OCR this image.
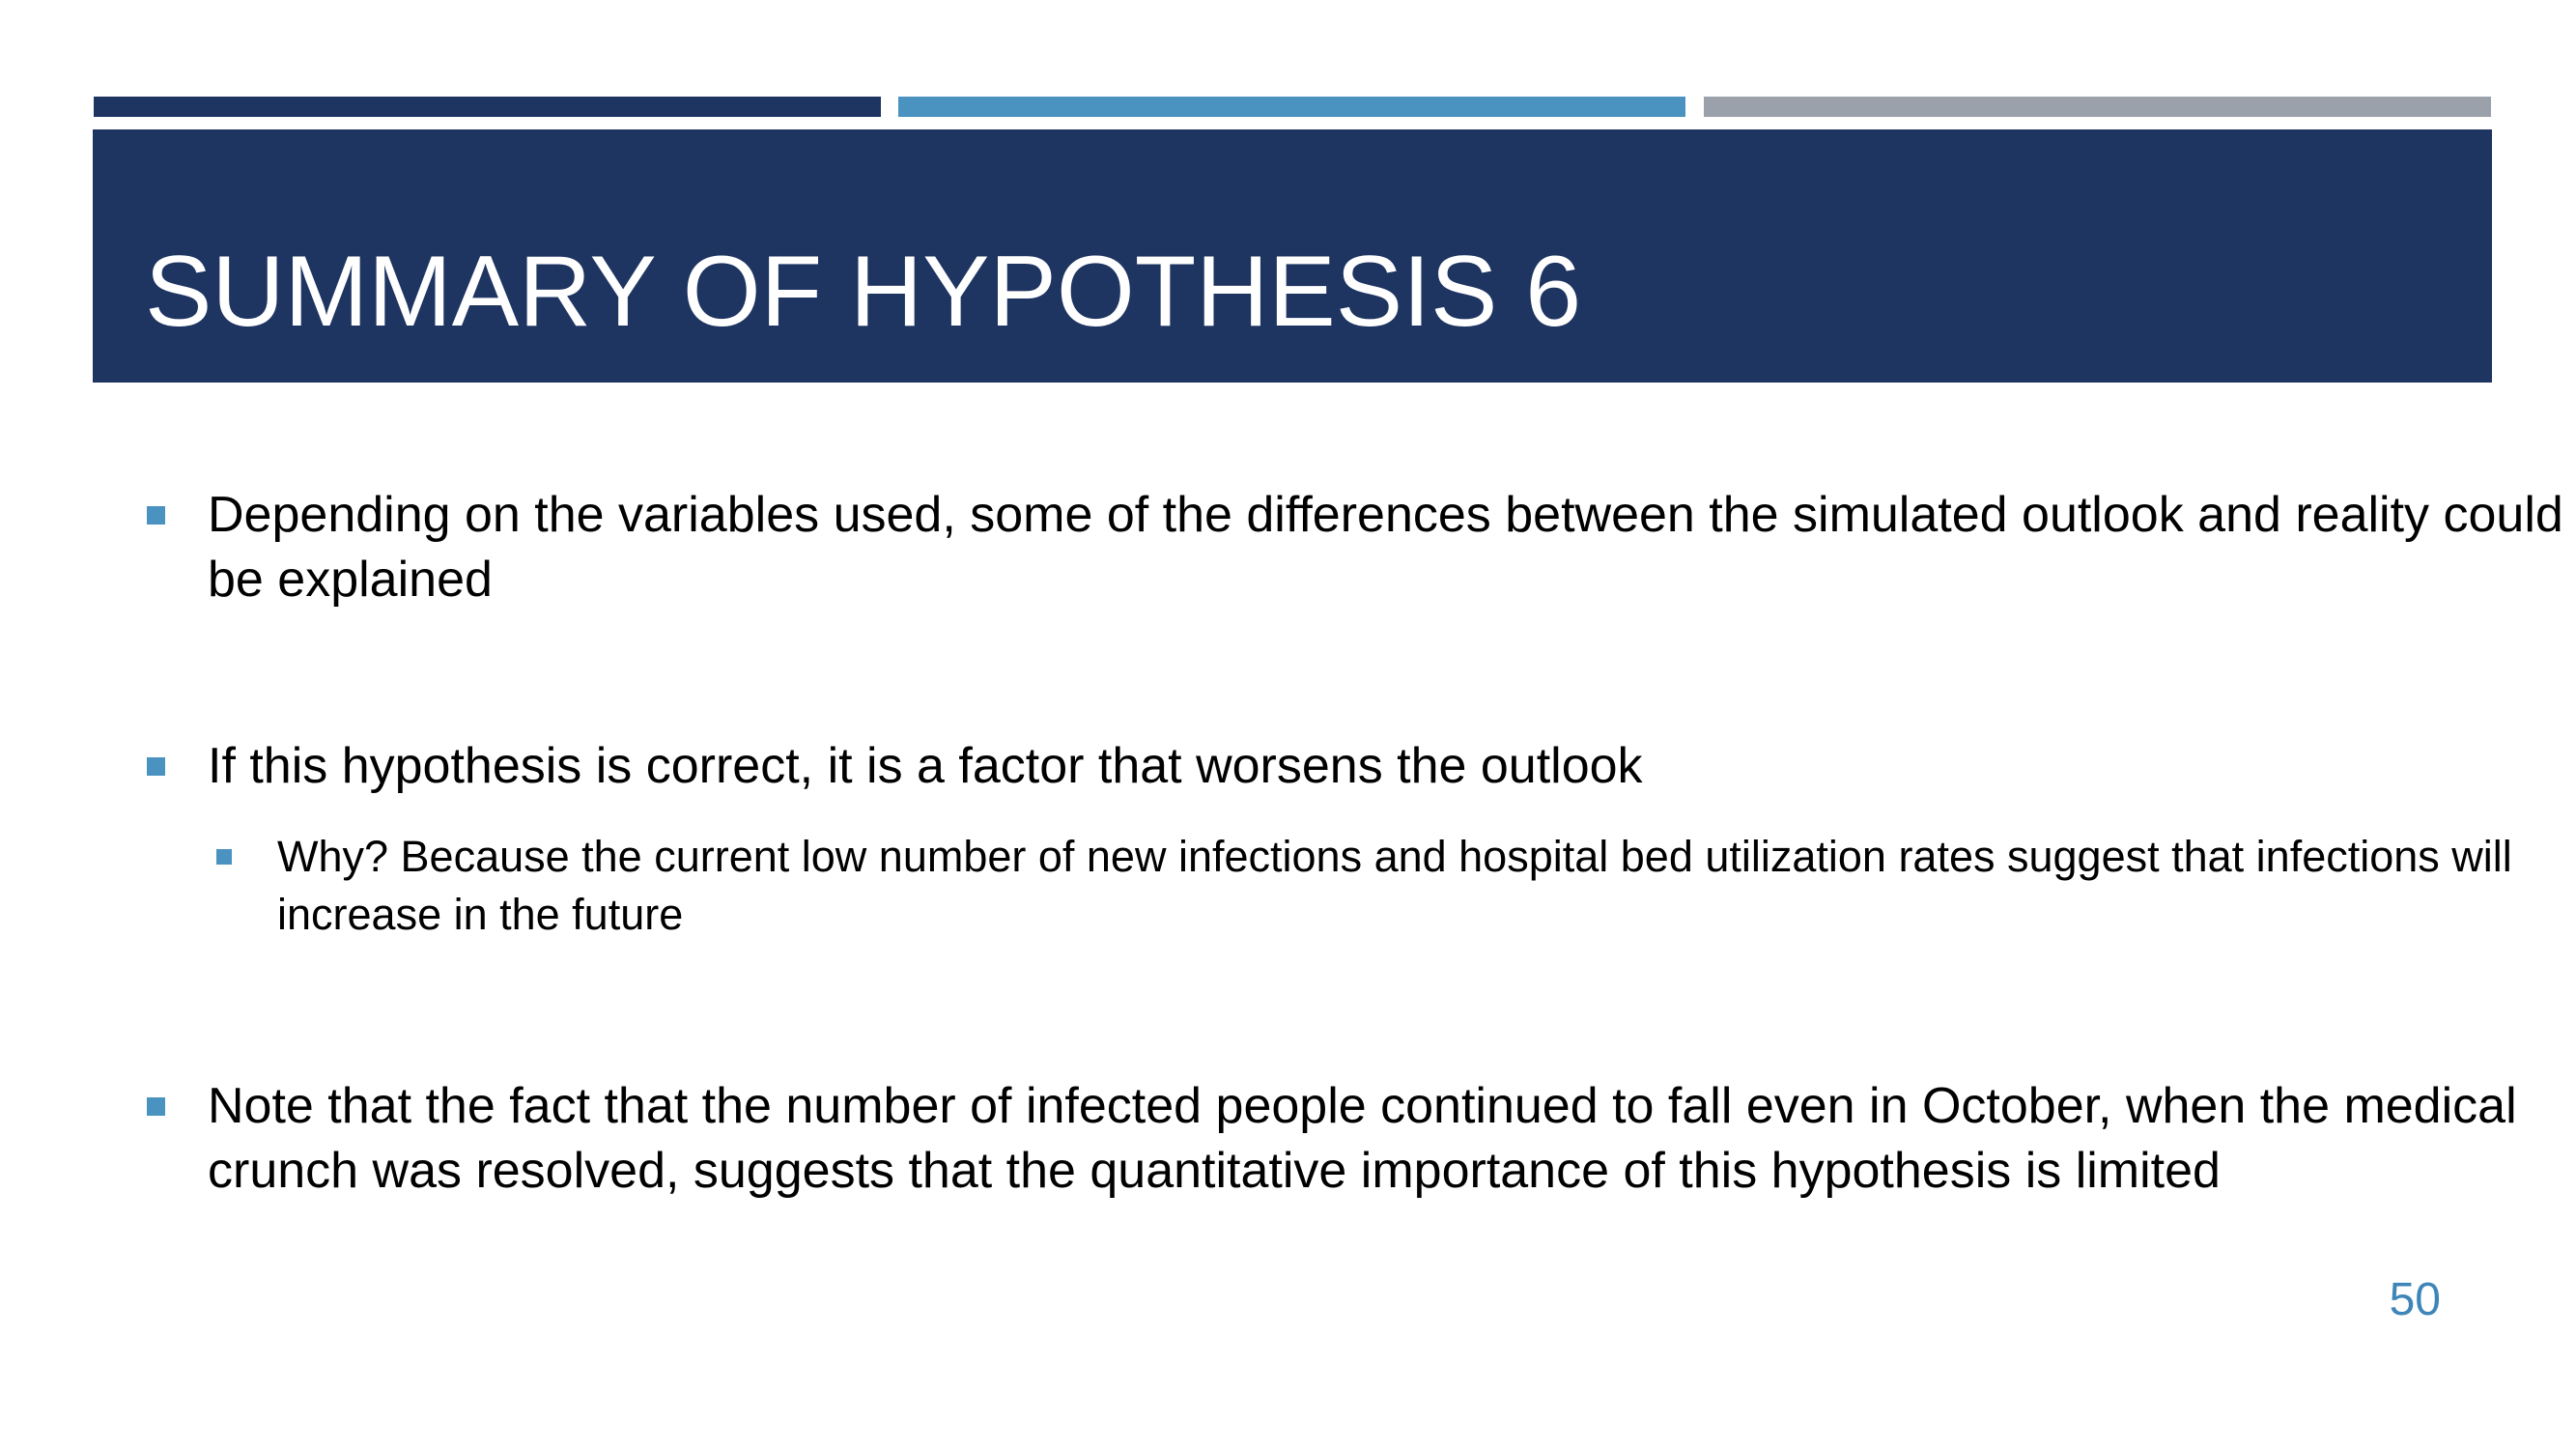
SUMMARY OF HYPOTHESIS 6
Depending on the variables used, some of the differences between the simulated outlook and reality could be explained
If this hypothesis is correct, it is a factor that worsens the outlook
Why? Because the current low number of new infections and hospital bed utilization rates suggest that infections will increase in the future
Note that the fact that the number of infected people continued to fall even in October, when the medical crunch was resolved, suggests that the quantitative importance of this hypothesis is limited

50
